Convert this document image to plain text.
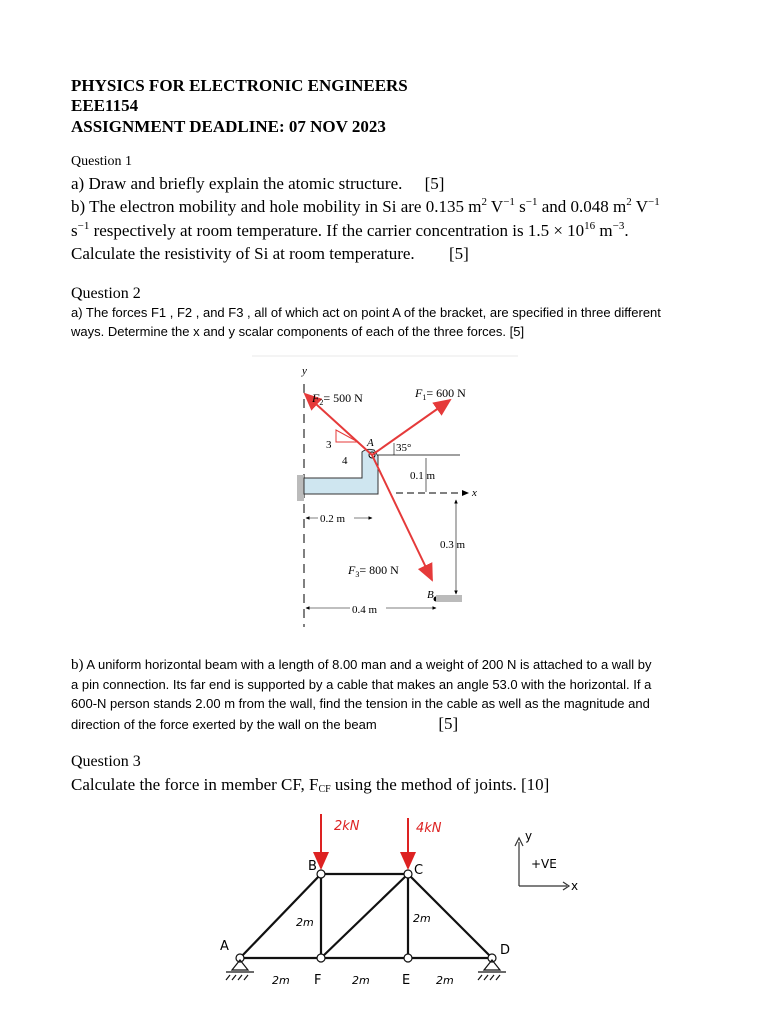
PHYSICS FOR ELECTRONIC ENGINEERS
EEE1154
ASSIGNMENT DEADLINE: 07 NOV 2023
Question 1
a) Draw and briefly explain the atomic structure. [5]
b) The electron mobility and hole mobility in Si are 0.135 $m^2$ $V^{-1}$ $s^{-1}$ and 0.048 $m^2$ $V^{-1}$
$s^{-1}$ respectively at room temperature. If the carrier concentration is $1.5 \times 10^{16}$ $m^{-3}$.
Calculate the resistivity of Si at room temperature. [5]
Question 2
a) The forces F1 , F2 , and F3 , all of which act on point A of the bracket, are specified in three different
ways. Determine the x and y scalar components of each of the three forces. [5]
y
3
4
A 35°
$F_2= 500$ N	$F_1= 600$ N
$F_3= 800$ N
0.1 m
x
0.3 m
0.2 m
B
0.4 m
b) A uniform horizontal beam with a length of 8.00 man and a weight of 200 N is attached to a wall by
a pin connection. Its far end is supported by a cable that makes an angle 53.0 with the horizontal. If a
600-N person stands 2.00 m from the wall, find the tension in the cable as well as the magnitude and
direction of the force exerted by the wall on the beam	[5]
Question 3
Calculate the force in member CF, $F_{CF}$ using the method of joints. [10]
2kN	4kN
A
B	C
D
F	E
2m	2m
2m	2m	2m
y
x
+VE
